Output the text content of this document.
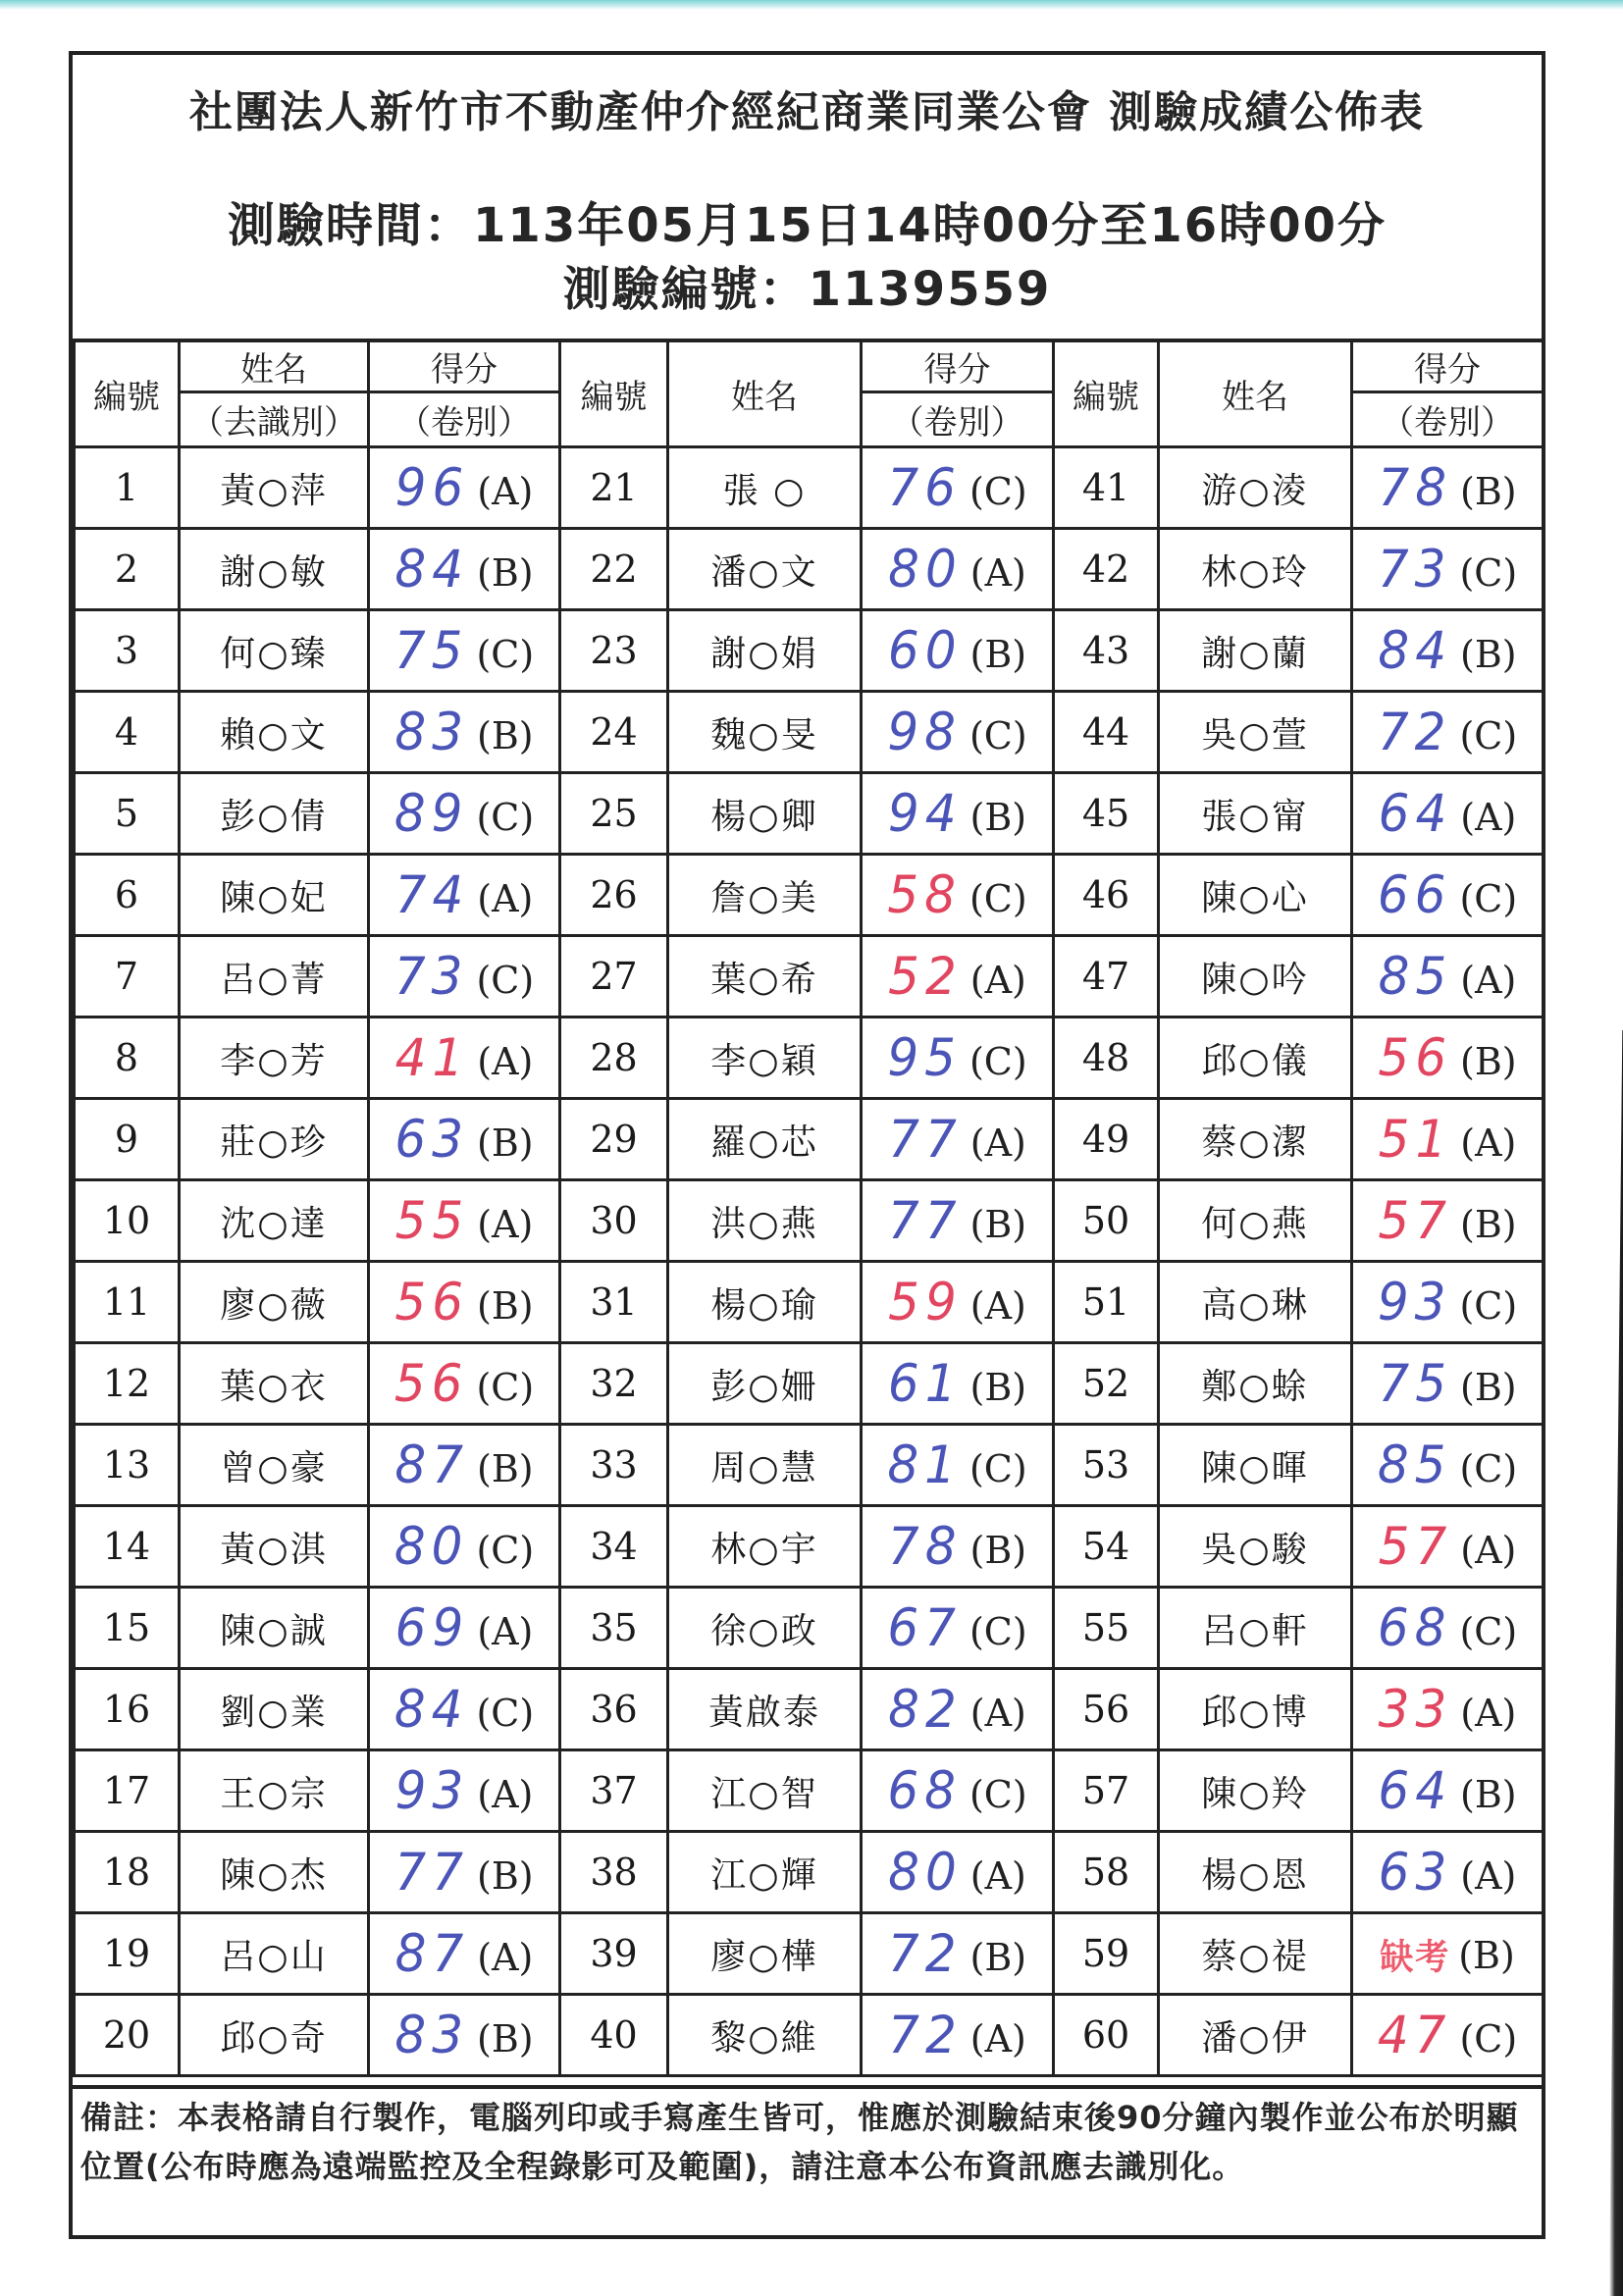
社團法人新竹市不動產仲介經紀商業同業公會 測驗成績公佈表
測驗時間：113年05月15日14時00分至16時00分
測驗編號：1139559
編號	姓名	得分	編號	姓名	得分	編號	姓名	得分
	（去識別）	（卷別）			（卷別）			（卷別）
1	黃○萍	96 (A)	21	張 ○	76 (C)	41	游○淩	78 (B)
2	謝○敏	84 (B)	22	潘○文	80 (A)	42	林○玲	73 (C)
3	何○臻	75 (C)	23	謝○娟	60 (B)	43	謝○蘭	84 (B)
4	賴○文	83 (B)	24	魏○旻	98 (C)	44	吳○萱	72 (C)
5	彭○倩	89 (C)	25	楊○卿	94 (B)	45	張○甯	64 (A)
6	陳○妃	74 (A)	26	詹○美	58 (C)	46	陳○心	66 (C)
7	呂○菁	73 (C)	27	葉○希	52 (A)	47	陳○吟	85 (A)
8	李○芳	41 (A)	28	李○穎	95 (C)	48	邱○儀	56 (B)
9	莊○珍	63 (B)	29	羅○芯	77 (A)	49	蔡○潔	51 (A)
10	沈○達	55 (A)	30	洪○燕	77 (B)	50	何○燕	57 (B)
11	廖○薇	56 (B)	31	楊○瑜	59 (A)	51	高○琳	93 (C)
12	葉○衣	56 (C)	32	彭○姍	61 (B)	52	鄭○蜍	75 (B)
13	曾○豪	87 (B)	33	周○慧	81 (C)	53	陳○暉	85 (C)
14	黃○淇	80 (C)	34	林○宇	78 (B)	54	吳○駿	57 (A)
15	陳○誠	69 (A)	35	徐○政	67 (C)	55	呂○軒	68 (C)
16	劉○業	84 (C)	36	黃啟泰	82 (A)	56	邱○博	33 (A)
17	王○宗	93 (A)	37	江○智	68 (C)	57	陳○羚	64 (B)
18	陳○杰	77 (B)	38	江○輝	80 (A)	58	楊○恩	63 (A)
19	呂○山	87 (A)	39	廖○樺	72 (B)	59	蔡○禔	缺考 (B)
20	邱○奇	83 (B)	40	黎○維	72 (A)	60	潘○伊	47 (C)
備註：本表格請自行製作，電腦列印或手寫產生皆可，惟應於測驗結束後90分鐘內製作並公布於明顯位置(公布時應為遠端監控及全程錄影可及範圍)，請注意本公布資訊應去識別化。
